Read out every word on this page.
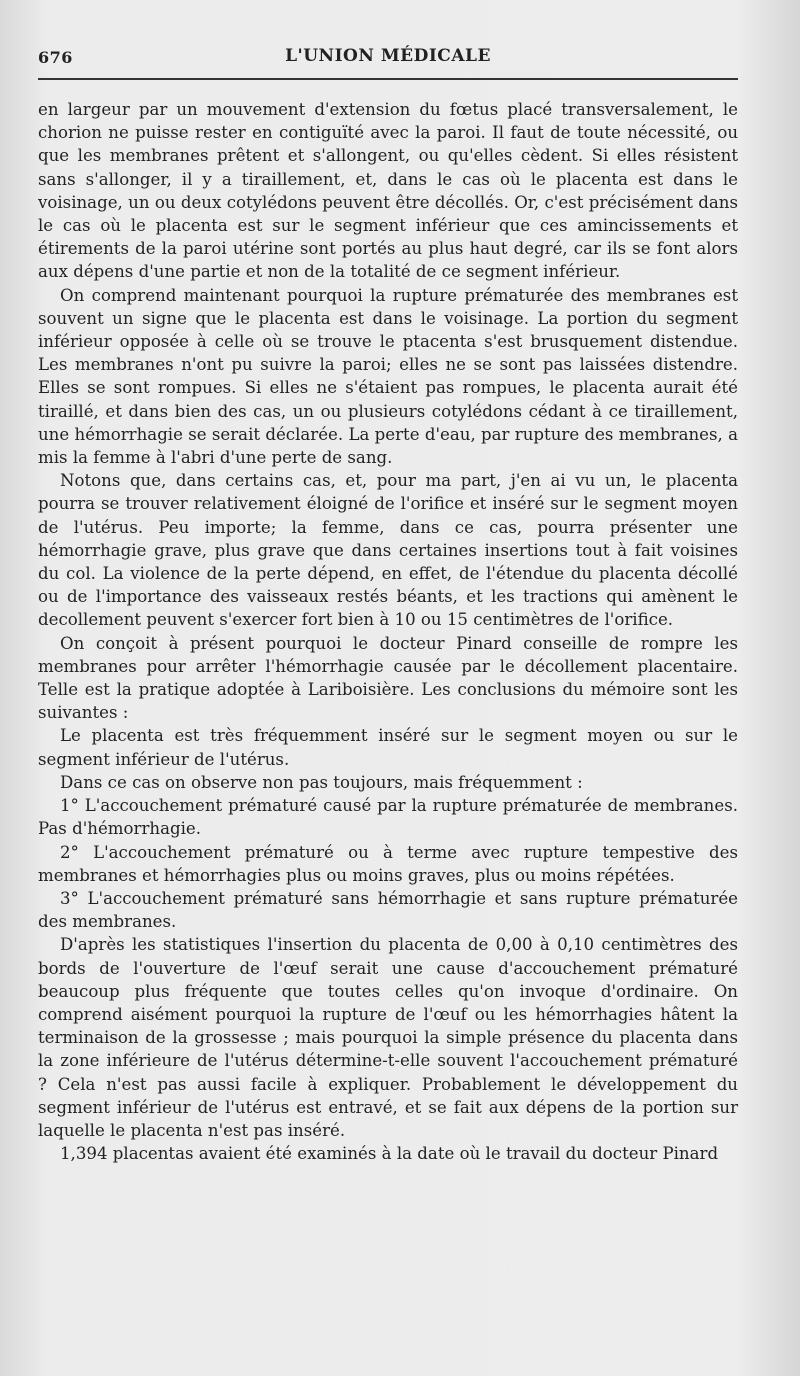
676	L'UNION MÉDICALE

en largeur par un mouvement d'extension du fœtus placé transversalement, le chorion ne puisse rester en contiguïté avec la paroi. Il faut de toute nécessité, ou que les membranes prêtent et s'allongent, ou qu'elles cèdent. Si elles résistent sans s'allonger, il y a tiraillement, et, dans le cas où le placenta est dans le voisinage, un ou deux cotylédons peuvent être décollés. Or, c'est précisément dans le cas où le placenta est sur le segment inférieur que ces amincissements et étirements de la paroi utérine sont portés au plus haut degré, car ils se font alors aux dépens d'une partie et non de la totalité de ce segment inférieur.

On comprend maintenant pourquoi la rupture prématurée des membranes est souvent un signe que le placenta est dans le voisinage. La portion du segment inférieur opposée à celle où se trouve le ptacenta s'est brusquement distendue. Les membranes n'ont pu suivre la paroi; elles ne se sont pas laissées distendre. Elles se sont rompues. Si elles ne s'étaient pas rompues, le placenta aurait été tiraillé, et dans bien des cas, un ou plusieurs cotylédons cédant à ce tiraillement, une hémorrhagie se serait déclarée. La perte d'eau, par rupture des membranes, a mis la femme à l'abri d'une perte de sang.

Notons que, dans certains cas, et, pour ma part, j'en ai vu un, le placenta pourra se trouver relativement éloigné de l'orifice et inséré sur le segment moyen de l'utérus. Peu importe; la femme, dans ce cas, pourra présenter une hémorrhagie grave, plus grave que dans certaines insertions tout à fait voisines du col. La violence de la perte dépend, en effet, de l'étendue du placenta décollé ou de l'importance des vaisseaux restés béants, et les tractions qui amènent le decollement peuvent s'exercer fort bien à 10 ou 15 centimètres de l'orifice.

On conçoit à présent pourquoi le docteur Pinard conseille de rompre les membranes pour arrêter l'hémorrhagie causée par le décollement placentaire. Telle est la pratique adoptée à Lariboisière. Les conclusions du mémoire sont les suivantes :

Le placenta est très fréquemment inséré sur le segment moyen ou sur le segment inférieur de l'utérus.

Dans ce cas on observe non pas toujours, mais fréquemment :

1° L'accouchement prématuré causé par la rupture prématurée de membranes. Pas d'hémorrhagie.

2° L'accouchement prématuré ou à terme avec rupture tempestive des membranes et hémorrhagies plus ou moins graves, plus ou moins répétées.

3° L'accouchement prématuré sans hémorrhagie et sans rupture prématurée des membranes.

D'après les statistiques l'insertion du placenta de 0,00 à 0,10 centimètres des bords de l'ouverture de l'œuf serait une cause d'accouchement prématuré beaucoup plus fréquente que toutes celles qu'on invoque d'ordinaire. On comprend aisément pourquoi la rupture de l'œuf ou les hémorrhagies hâtent la terminaison de la grossesse ; mais pourquoi la simple présence du placenta dans la zone inférieure de l'utérus détermine-t-elle souvent l'accouchement prématuré ? Cela n'est pas aussi facile à expliquer. Probablement le développement du segment inférieur de l'utérus est entravé, et se fait aux dépens de la portion sur laquelle le placenta n'est pas inséré.

1,394 placentas avaient été examinés à la date où le travail du docteur Pinard
